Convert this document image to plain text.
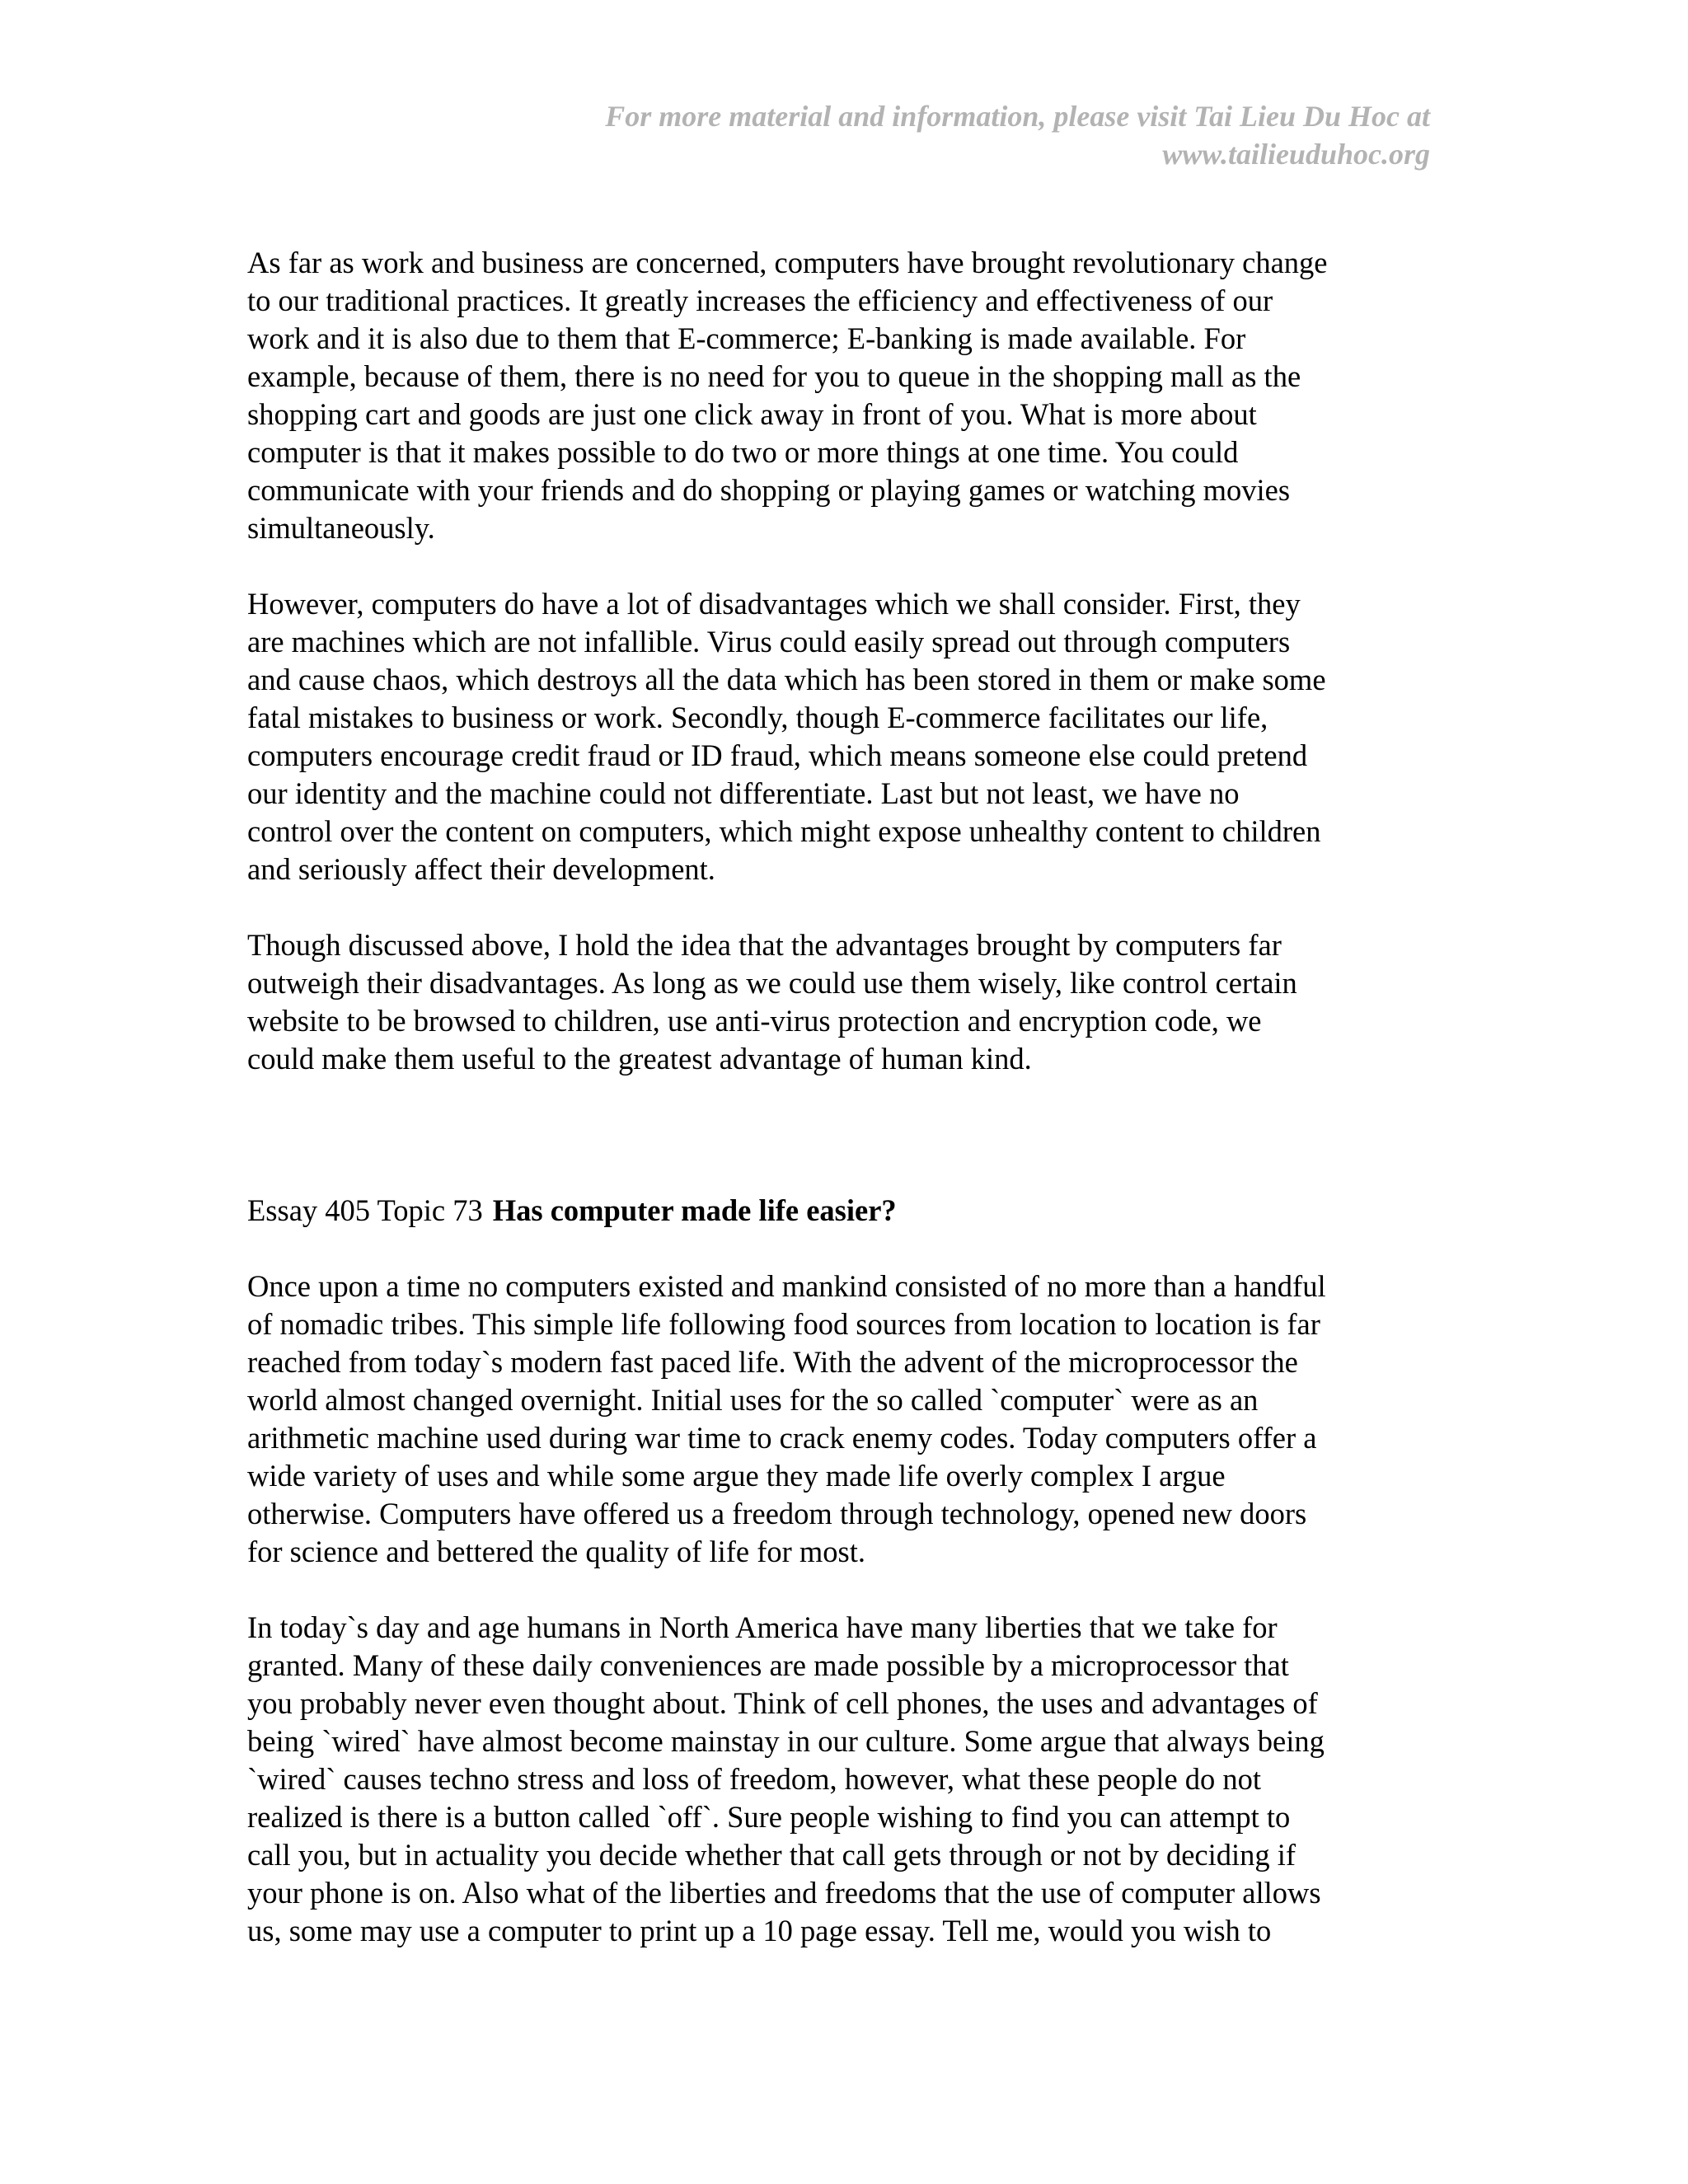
For more material and information, please visit Tai Lieu Du Hoc at
www.tailieuduhoc.org
As far as work and business are concerned, computers have brought revolutionary change
to our traditional practices. It greatly increases the efficiency and effectiveness of our
work and it is also due to them that E-commerce; E-banking is made available. For
example, because of them, there is no need for you to queue in the shopping mall as the
shopping cart and goods are just one click away in front of you. What is more about
computer is that it makes possible to do two or more things at one time. You could
communicate with your friends and do shopping or playing games or watching movies
simultaneously.
However, computers do have a lot of disadvantages which we shall consider. First, they
are machines which are not infallible. Virus could easily spread out through computers
and cause chaos, which destroys all the data which has been stored in them or make some
fatal mistakes to business or work. Secondly, though E-commerce facilitates our life,
computers encourage credit fraud or ID fraud, which means someone else could pretend
our identity and the machine could not differentiate. Last but not least, we have no
control over the content on computers, which might expose unhealthy content to children
and seriously affect their development.
Though discussed above, I hold the idea that the advantages brought by computers far
outweigh their disadvantages. As long as we could use them wisely, like control certain
website to be browsed to children, use anti-virus protection and encryption code, we
could make them useful to the greatest advantage of human kind.
Essay 405 Topic 73 Has computer made life easier?
Once upon a time no computers existed and mankind consisted of no more than a handful
of nomadic tribes. This simple life following food sources from location to location is far
reached from today`s modern fast paced life. With the advent of the microprocessor the
world almost changed overnight. Initial uses for the so called `computer` were as an
arithmetic machine used during war time to crack enemy codes. Today computers offer a
wide variety of uses and while some argue they made life overly complex I argue
otherwise. Computers have offered us a freedom through technology, opened new doors
for science and bettered the quality of life for most.
In today`s day and age humans in North America have many liberties that we take for
granted. Many of these daily conveniences are made possible by a microprocessor that
you probably never even thought about. Think of cell phones, the uses and advantages of
being `wired` have almost become mainstay in our culture. Some argue that always being
`wired` causes techno stress and loss of freedom, however, what these people do not
realized is there is a button called `off`. Sure people wishing to find you can attempt to
call you, but in actuality you decide whether that call gets through or not by deciding if
your phone is on. Also what of the liberties and freedoms that the use of computer allows
us, some may use a computer to print up a 10 page essay. Tell me, would you wish to
